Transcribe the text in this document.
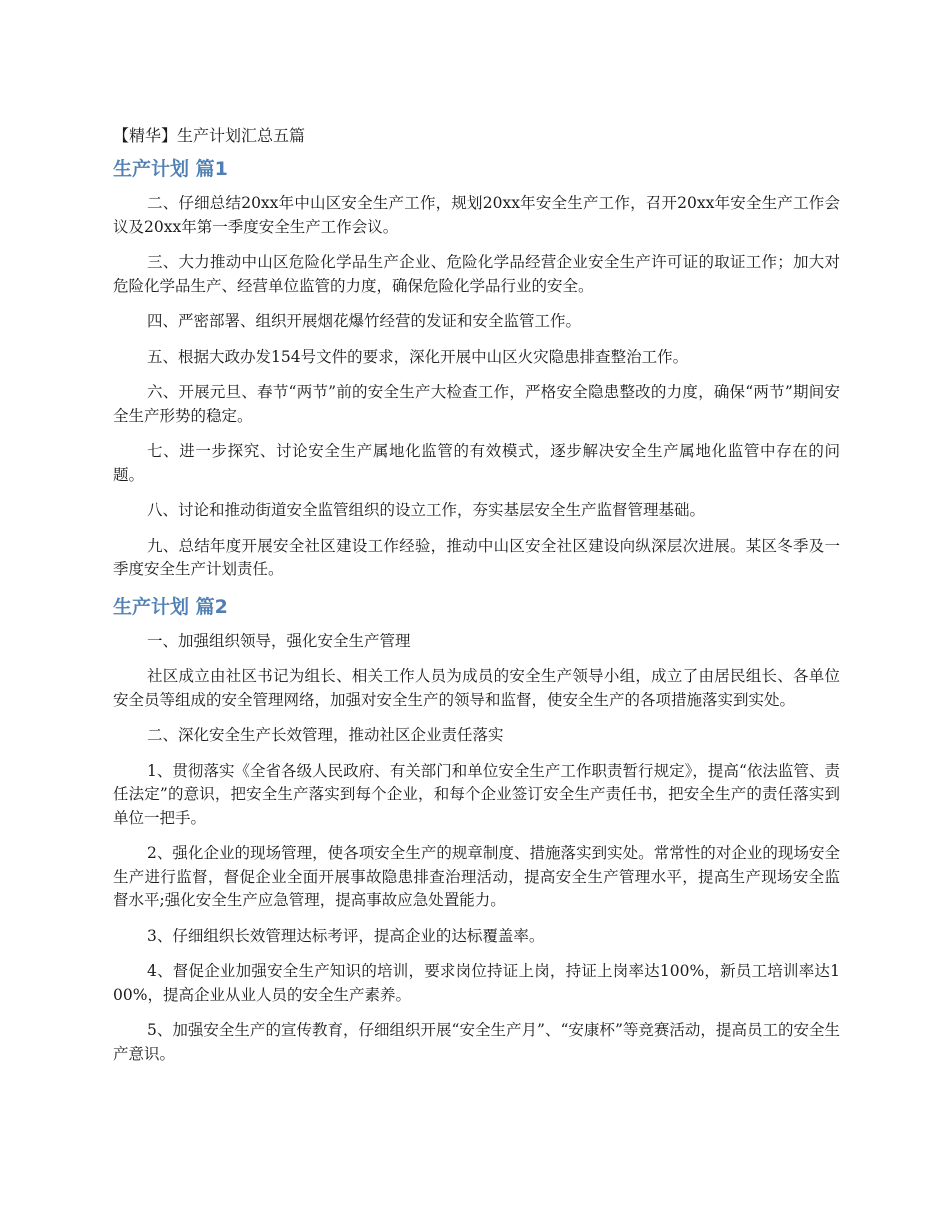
【精华】生产计划汇总五篇
生产计划 篇1

二、仔细总结20xx年中山区安全生产工作，规划20xx年安全生产工作，召开20xx年安全生产工作会议及20xx年第一季度安全生产工作会议。

三、大力推动中山区危险化学品生产企业、危险化学品经营企业安全生产许可证的取证工作；加大对危险化学品生产、经营单位监管的力度，确保危险化学品行业的安全。

四、严密部署、组织开展烟花爆竹经营的发证和安全监管工作。

五、根据大政办发154号文件的要求，深化开展中山区火灾隐患排查整治工作。

六、开展元旦、春节“两节”前的安全生产大检查工作，严格安全隐患整改的力度，确保“两节”期间安全生产形势的稳定。

七、进一步探究、讨论安全生产属地化监管的有效模式，逐步解决安全生产属地化监管中存在的问题。

八、讨论和推动街道安全监管组织的设立工作，夯实基层安全生产监督管理基础。

九、总结年度开展安全社区建设工作经验，推动中山区安全社区建设向纵深层次进展。某区冬季及一季度安全生产计划责任。

生产计划 篇2

一、加强组织领导，强化安全生产管理

社区成立由社区书记为组长、相关工作人员为成员的安全生产领导小组，成立了由居民组长、各单位安全员等组成的安全管理网络，加强对安全生产的领导和监督，使安全生产的各项措施落实到实处。

二、深化安全生产长效管理，推动社区企业责任落实

1、贯彻落实《全省各级人民政府、有关部门和单位安全生产工作职责暂行规定》，提高“依法监管、责任法定”的意识，把安全生产落实到每个企业，和每个企业签订安全生产责任书，把安全生产的责任落实到单位一把手。

2、强化企业的现场管理，使各项安全生产的规章制度、措施落实到实处。常常性的对企业的现场安全生产进行监督，督促企业全面开展事故隐患排查治理活动，提高安全生产管理水平，提高生产现场安全监督水平;强化安全生产应急管理，提高事故应急处置能力。

3、仔细组织长效管理达标考评，提高企业的达标覆盖率。

4、督促企业加强安全生产知识的培训，要求岗位持证上岗，持证上岗率达100%，新员工培训率达100%，提高企业从业人员的安全生产素养。

5、加强安全生产的宣传教育，仔细组织开展“安全生产月”、“安康杯”等竞赛活动，提高员工的安全生产意识。
